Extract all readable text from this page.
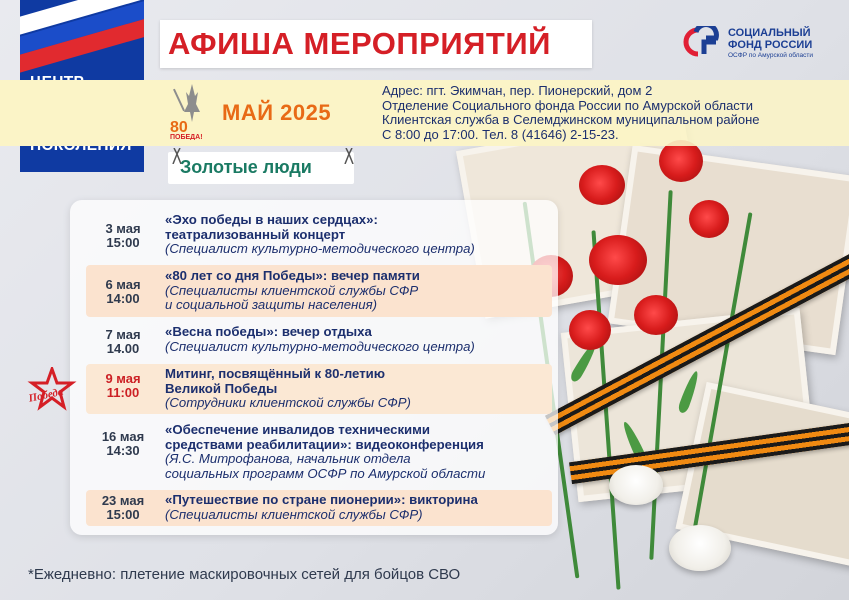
АФИША МЕРОПРИЯТИЙ	СОЦИАЛЬНЫЙ
ФОНД РОССИИ
ОСФР по Амурской области
80
ПОБЕДА!
МАЙ 2025
Адрес: пгт. Экимчан, пер. Пионерский, дом 2
Отделение Социального фонда России по Амурской области
Клиентская служба в Селемджинском муниципальном районе
С 8:00 до 17:00. Тел. 8 (41646) 2-15-23.
Золотые люди
3 мая
15:00
«Эхо победы в наших сердцах»:
театрализованный концерт
(Специалист культурно-методического центра)
6 мая
14:00
«80 лет со дня Победы»: вечер памяти
(Специалисты клиентской службы СФР
и социальной защиты населения)
7 мая
14.00
«Весна победы»: вечер отдыха
(Специалист культурно-методического центра)
9 мая
11:00
Митинг, посвящённый к 80-летию
Великой Победы
(Сотрудники клиентской службы СФР)
16 мая
14:30
«Обеспечение инвалидов техническими
средствами реабилитации»: видеоконференция
(Я.С. Митрофанова, начальник отдела
социальных программ ОСФР по Амурской области
23 мая
15:00
«Путешествие по стране пионерии»: викторина
(Специалисты клиентской службы СФР)
Победа
*Ежедневно: плетение маскировочных сетей для бойцов СВО
